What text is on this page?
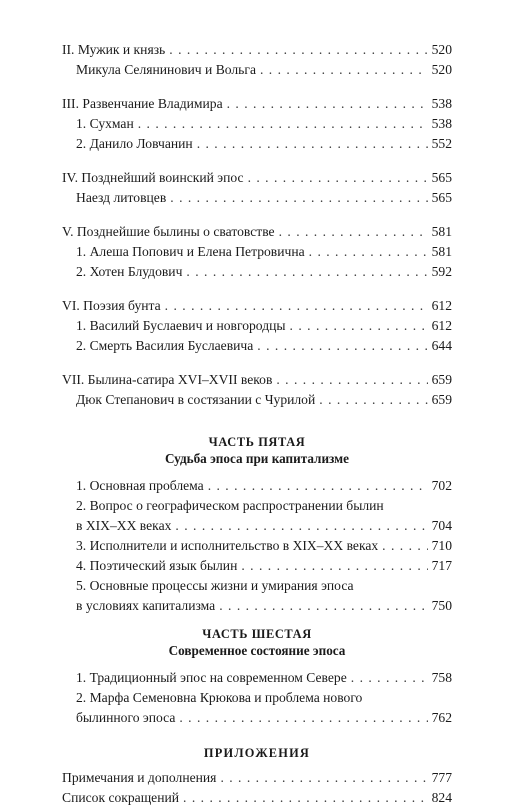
II. Мужик и князь . . .	520
Микула Селянинович и Вольга . . .	520
III. Развенчание Владимира . . .	538
1. Сухман . . .	538
2. Данило Ловчанин . . .	552
IV. Позднейший воинский эпос . . .	565
Наезд литовцев . . .	565
V. Позднейшие былины о сватовстве . . .	581
1. Алеша Попович и Елена Петровична . . .	581
2. Хотен Блудович . . .	592
VI. Поэзия бунта . . .	612
1. Василий Буслаевич и новгородцы . . .	612
2. Смерть Василия Буслаевича . . .	644
VII. Былина-сатира XVI–XVII веков . . .	659
Дюк Степанович в состязании с Чурилой . . .	659
ЧАСТЬ ПЯТАЯ
Судьба эпоса при капитализме
1. Основная проблема . . .	702
2. Вопрос о географическом распространении былин
в XIX–XX веках . . .	704
3. Исполнители и исполнительство в XIX–XX веках . . .	710
4. Поэтический язык былин . . .	717
5. Основные процессы жизни и умирания эпоса
в условиях капитализма . . .	750
ЧАСТЬ ШЕСТАЯ
Современное состояние эпоса
1. Традиционный эпос на современном Севере . . .	758
2. Марфа Семеновна Крюкова и проблема нового
былинного эпоса . . .	762
ПРИЛОЖЕНИЯ
Примечания и дополнения . . .	777
Список сокращений . . .	824
